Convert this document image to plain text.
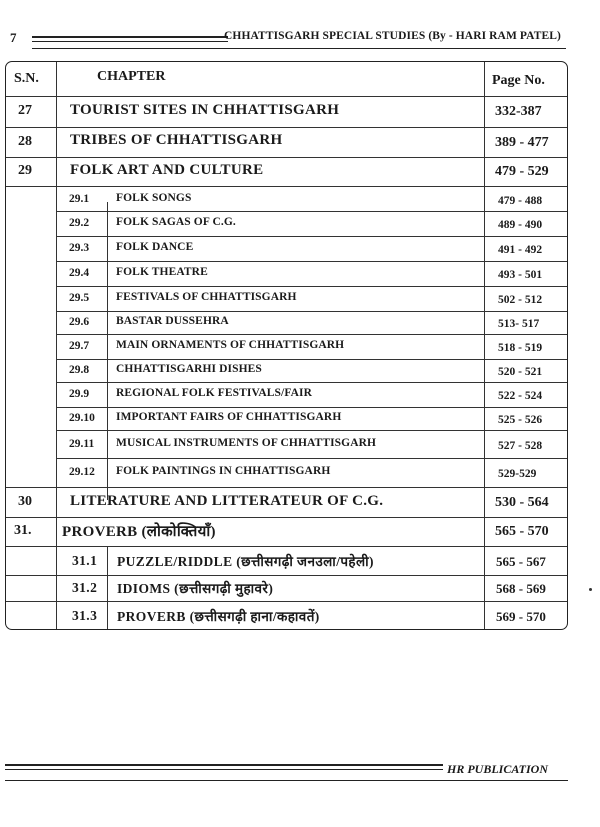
7	CHHATTISGARH SPECIAL STUDIES (By - HARI RAM PATEL)
S.N.	CHAPTER	Page No.
27	TOURIST SITES IN CHHATTISGARH	332-387
28	TRIBES OF CHHATTISGARH	389 - 477
29	FOLK ART AND CULTURE	479 - 529
29.1 FOLK SONGS	479 - 488
29.2 FOLK SAGAS OF C.G.	489 - 490
29.3 FOLK DANCE	491 - 492
29.4 FOLK THEATRE	493 - 501
29.5 FESTIVALS OF CHHATTISGARH	502 - 512
29.6 BASTAR DUSSEHRA	513- 517
29.7 MAIN ORNAMENTS OF CHHATTISGARH	518 - 519
29.8 CHHATTISGARHI DISHES	520 - 521
29.9 REGIONAL FOLK FESTIVALS/FAIR	522 - 524
29.10 IMPORTANT FAIRS OF CHHATTISGARH	525 - 526
29.11 MUSICAL INSTRUMENTS OF CHHATTISGARH	527 - 528
29.12 FOLK PAINTINGS IN CHHATTISGARH	529-529
30	LITERATURE AND LITTERATEUR OF C.G.	530 - 564
31. PROVERB (लोकोक्तियाँ)	565 - 570
31.1 PUZZLE/RIDDLE (छत्तीसगढ़ी जनउला/पहेली)	565 - 567
31.2 IDIOMS (छत्तीसगढ़ी मुहावरे)	568 - 569
31.3 PROVERB (छत्तीसगढ़ी हाना/कहावतें)	569 - 570
HR PUBLICATION
